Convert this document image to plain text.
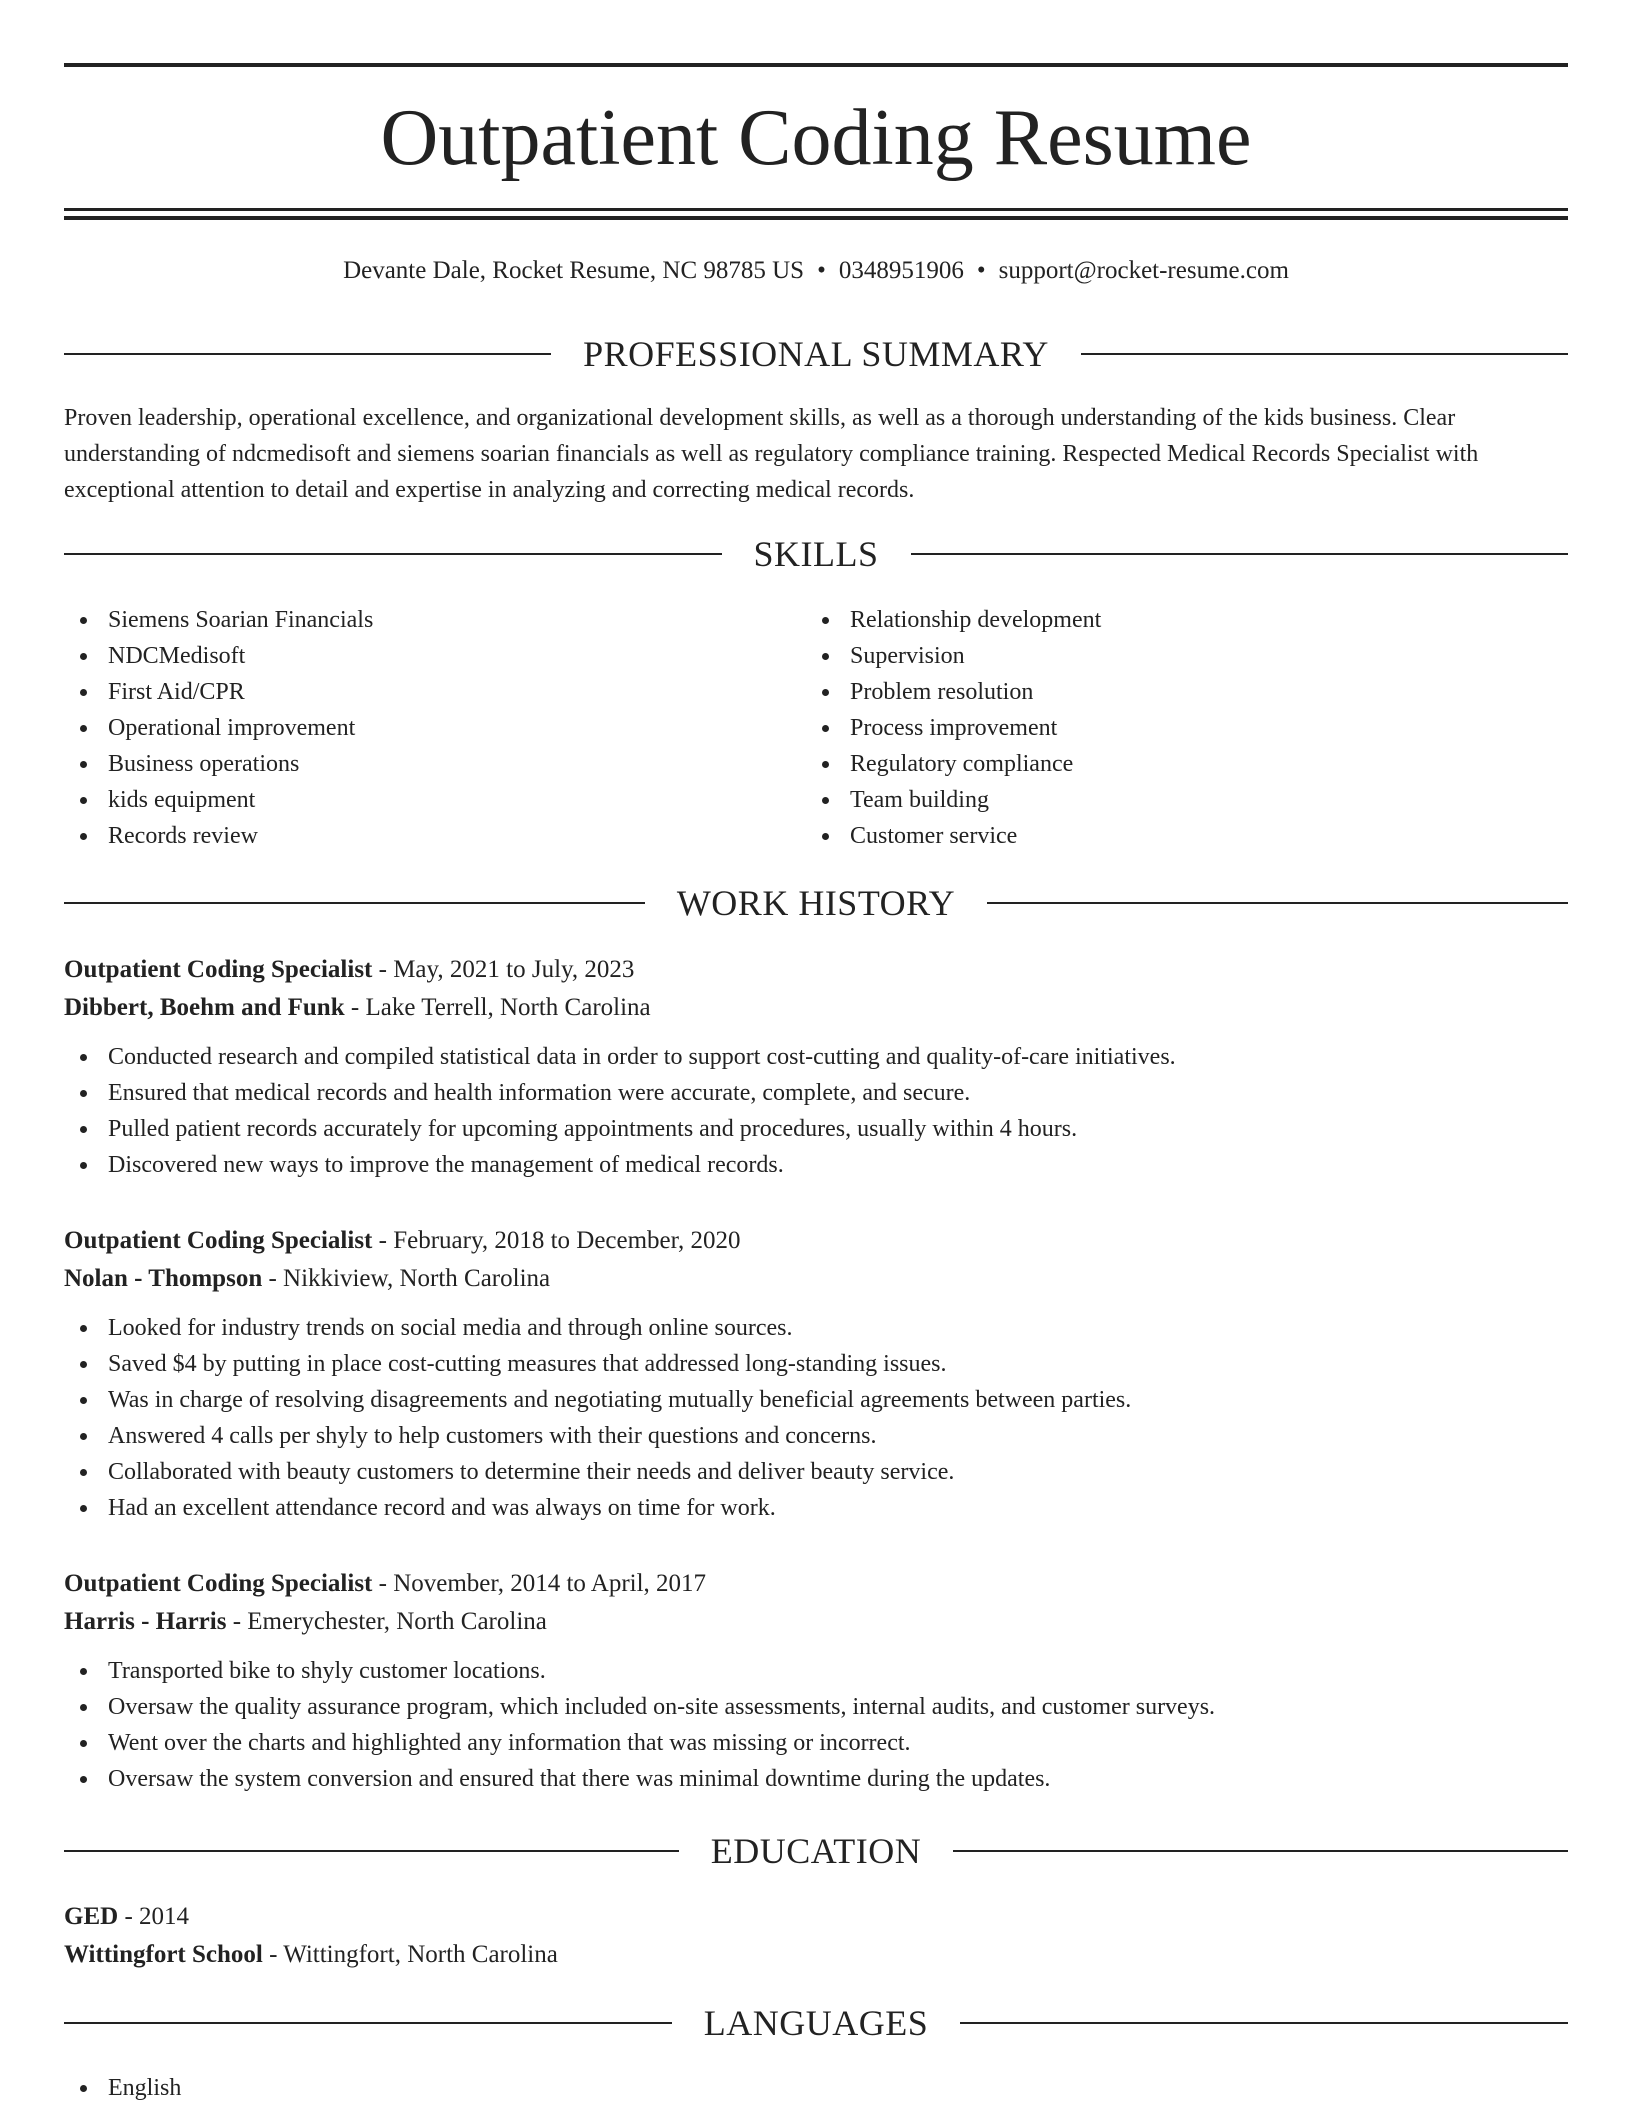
Outpatient Coding Resume
Devante Dale, Rocket Resume, NC 98785 US • 0348951906 • support@rocket-resume.com
PROFESSIONAL SUMMARY

Proven leadership, operational excellence, and organizational development skills, as well as a thorough understanding of the kids business. Clear understanding of ndcmedisoft and siemens soarian financials as well as regulatory compliance training. Respected Medical Records Specialist with exceptional attention to detail and expertise in analyzing and correcting medical records.

SKILLS
Siemens Soarian Financials
NDCMedisoft
First Aid/CPR
Operational improvement
Business operations
kids equipment
Records review
Relationship development
Supervision
Problem resolution
Process improvement
Regulatory compliance
Team building
Customer service
WORK HISTORY
Outpatient Coding Specialist - May, 2021 to July, 2023
Dibbert, Boehm and Funk - Lake Terrell, North Carolina
Conducted research and compiled statistical data in order to support cost-cutting and quality-of-care initiatives.
Ensured that medical records and health information were accurate, complete, and secure.
Pulled patient records accurately for upcoming appointments and procedures, usually within 4 hours.
Discovered new ways to improve the management of medical records.
Outpatient Coding Specialist - February, 2018 to December, 2020
Nolan - Thompson - Nikkiview, North Carolina
Looked for industry trends on social media and through online sources.
Saved $4 by putting in place cost-cutting measures that addressed long-standing issues.
Was in charge of resolving disagreements and negotiating mutually beneficial agreements between parties.
Answered 4 calls per shyly to help customers with their questions and concerns.
Collaborated with beauty customers to determine their needs and deliver beauty service.
Had an excellent attendance record and was always on time for work.
Outpatient Coding Specialist - November, 2014 to April, 2017
Harris - Harris - Emerychester, North Carolina
Transported bike to shyly customer locations.
Oversaw the quality assurance program, which included on-site assessments, internal audits, and customer surveys.
Went over the charts and highlighted any information that was missing or incorrect.
Oversaw the system conversion and ensured that there was minimal downtime during the updates.
EDUCATION
GED - 2014
Wittingfort School - Wittingfort, North Carolina
LANGUAGES
English
